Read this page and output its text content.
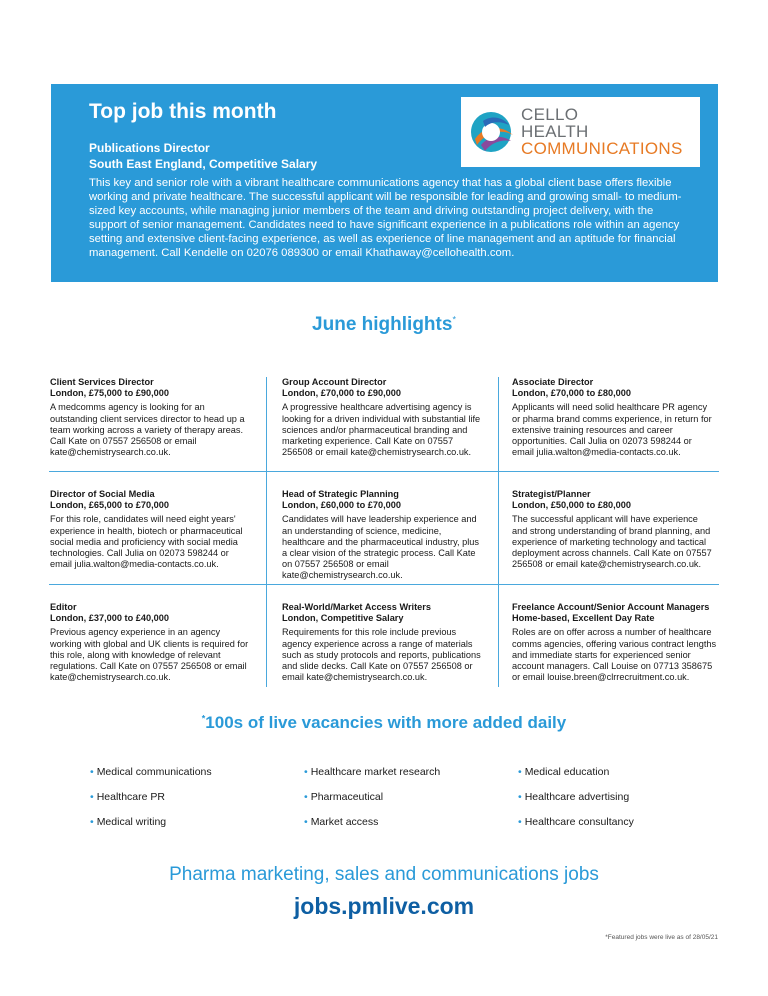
Top job this month
Publications Director
South East England, Competitive Salary
This key and senior role with a vibrant healthcare communications agency that has a global client base offers flexible working and private healthcare. The successful applicant will be responsible for leading and growing small- to medium-sized key accounts, while managing junior members of the team and driving outstanding project delivery, with the support of senior management. Candidates need to have significant experience in a publications role within an agency setting and extensive client-facing experience, as well as experience of line management and an aptitude for financial management. Call Kendelle on 02076 089300 or email Khathaway@cellohealth.com.
CELLO
HEALTH
COMMUNICATIONS
June highlights*
Client Services Director
London, £75,000 to £90,000
A medcomms agency is looking for an outstanding client services director to head up a team working across a variety of therapy areas. Call Kate on 07557 256508 or email kate@chemistrysearch.co.uk.
Group Account Director
London, £70,000 to £90,000
A progressive healthcare advertising agency is looking for a driven individual with substantial life sciences and/or pharmaceutical branding and marketing experience. Call Kate on 07557 256508 or email kate@chemistrysearch.co.uk.
Associate Director
London, £70,000 to £80,000
Applicants will need solid healthcare PR agency or pharma brand comms experience, in return for extensive training resources and career opportunities. Call Julia on 02073 598244 or email julia.walton@media-contacts.co.uk.
Director of Social Media
London, £65,000 to £70,000
For this role, candidates will need eight years' experience in health, biotech or pharmaceutical social media and proficiency with social media technologies. Call Julia on 02073 598244 or email julia.walton@media-contacts.co.uk.
Head of Strategic Planning
London, £60,000 to £70,000
Candidates will have leadership experience and an understanding of science, medicine, healthcare and the pharmaceutical industry, plus a clear vision of the strategic process. Call Kate on 07557 256508 or email kate@chemistrysearch.co.uk.
Strategist/Planner
London, £50,000 to £80,000
The successful applicant will have experience and strong understanding of brand planning, and experience of marketing technology and tactical deployment across channels. Call Kate on 07557 256508 or email kate@chemistrysearch.co.uk.
Editor
London, £37,000 to £40,000
Previous agency experience in an agency working with global and UK clients is required for this role, along with knowledge of relevant regulations. Call Kate on 07557 256508 or email kate@chemistrysearch.co.uk.
Real-World/Market Access Writers
London, Competitive Salary
Requirements for this role include previous agency experience across a range of materials such as study protocols and reports, publications and slide decks. Call Kate on 07557 256508 or email kate@chemistrysearch.co.uk.
Freelance Account/Senior Account Managers
Home-based, Excellent Day Rate
Roles are on offer across a number of healthcare comms agencies, offering various contract lengths and immediate starts for experienced senior account managers. Call Louise on 07713 358675 or email louise.breen@clrrecruitment.co.uk.
*100s of live vacancies with more added daily
• Medical communications
• Healthcare PR
• Medical writing
• Healthcare market research
• Pharmaceutical
• Market access
• Medical education
• Healthcare advertising
• Healthcare consultancy
Pharma marketing, sales and communications jobs
jobs.pmlive.com
*Featured jobs were live as of 28/05/21
